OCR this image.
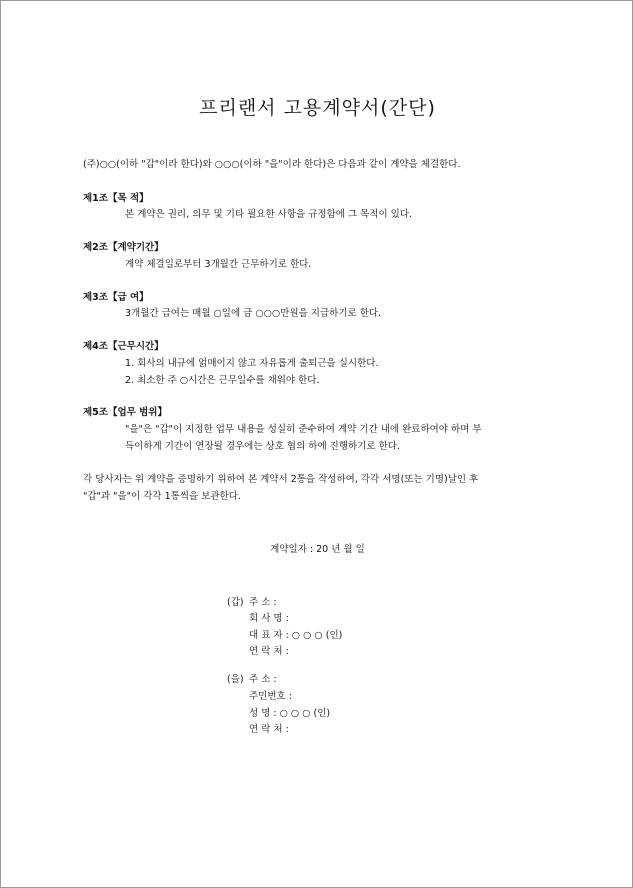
프리랜서 고용계약서(간단)
(주)○○(이하 "갑"이라 한다)와 ○○○(이하 "을"이라 한다)은 다음과 같이 계약을 체결한다.
제1조【목 적】
본 계약은 권리, 의무 및 기타 필요한 사항을 규정함에 그 목적이 있다.
제2조【계약기간】
계약 체결일로부터 3개월간 근무하기로 한다.
제3조【급 여】
3개월간 급여는 매월 ○일에 금 ○○○만원을 지급하기로 한다.
제4조【근무시간】
1. 회사의 내규에 얽매이지 않고 자유롭게 출퇴근을 실시한다.
2. 최소한 주 ○시간은 근무일수를 채워야 한다.
제5조【업무 범위】
"을"은 "갑"이 지정한 업무 내용을 성실히 준수하여 계약 기간 내에 완료하여야 하며 부
득이하게 기간이 연장될 경우에는 상호 협의 하에 진행하기로 한다.
각 당사자는 위 계약을 증명하기 위하여 본 계약서 2통을 작성하여, 각각 서명(또는 기명)날인 후
"갑"과 "을"이 각각 1통씩을 보관한다.
계약일자 : 20 년 월 일
(갑) 주 소 :
회 사 명 :
대 표 자 : ○ ○ ○ (인)
연 락 처 :
(을) 주 소 :
주민번호 :
성 명 : ○ ○ ○ (인)
연 락 처 :
